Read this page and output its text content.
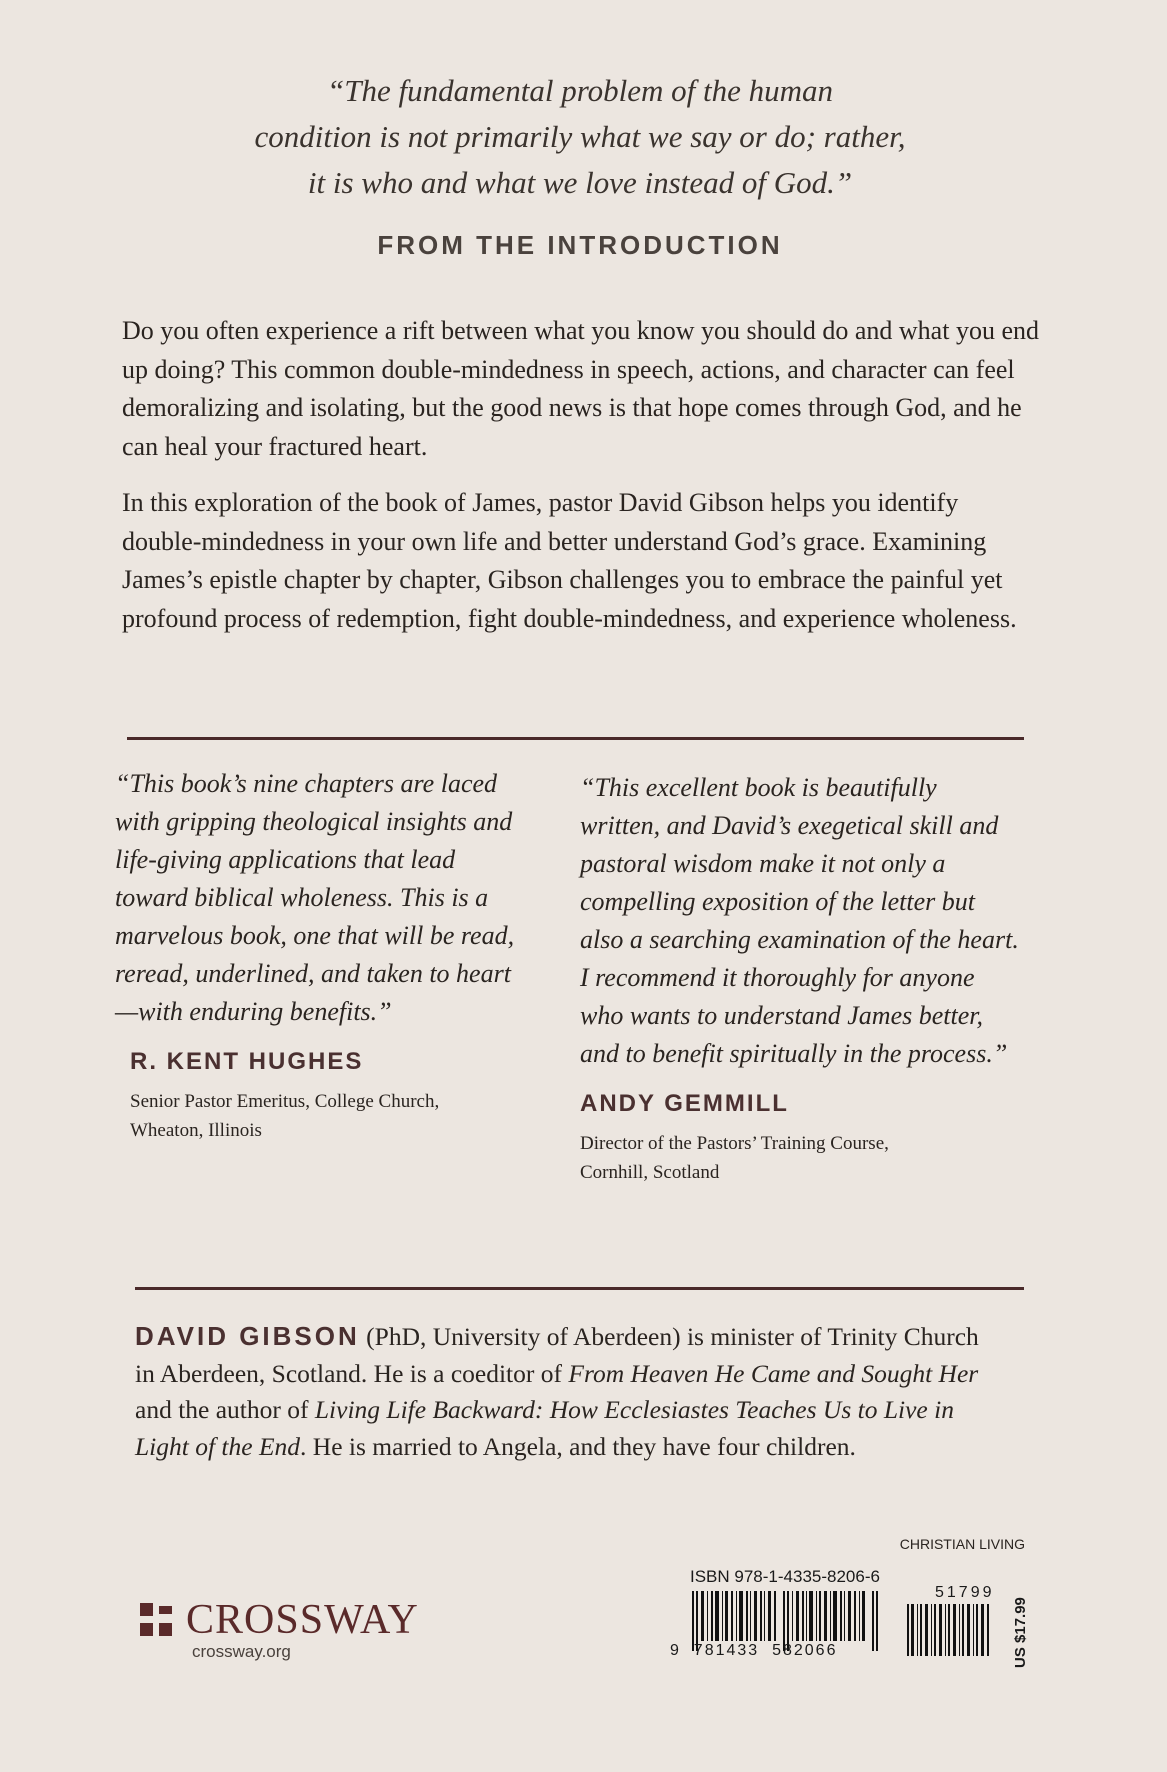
“The fundamental problem of the human
condition is not primarily what we say or do; rather,
it is who and what we love instead of God.”
FROM THE INTRODUCTION

Do you often experience a rift between what you know you should do and what you end up doing? This common double-mindedness in speech, actions, and character can feel demoralizing and isolating, but the good news is that hope comes through God, and he can heal your fractured heart.

In this exploration of the book of James, pastor David Gibson helps you identify double-mindedness in your own life and better understand God’s grace. Examining James’s epistle chapter by chapter, Gibson challenges you to embrace the painful yet profound process of redemption, fight double-mindedness, and experience wholeness.

“This book’s nine chapters are laced with gripping theological insights and life-giving applications that lead toward biblical wholeness. This is a marvelous book, one that will be read, reread, underlined, and taken to heart—with enduring benefits.”
R. KENT HUGHES
Senior Pastor Emeritus, College Church,
Wheaton, Illinois
“This excellent book is beautifully written, and David’s exegetical skill and pastoral wisdom make it not only a compelling exposition of the letter but also a searching examination of the heart. I recommend it thoroughly for anyone who wants to understand James better, and to benefit spiritually in the process.”
ANDY GEMMILL
Director of the Pastors’ Training Course,
Cornhill, Scotland
DAVID GIBSON (PhD, University of Aberdeen) is minister of Trinity Church in Aberdeen, Scotland. He is a coeditor of From Heaven He Came and Sought Her and the author of Living Life Backward: How Ecclesiastes Teaches Us to Live in Light of the End. He is married to Angela, and they have four children.
CHRISTIAN LIVING
CROSSWAY
crossway.org
ISBN 978-1-4335-8206-6
9 781433 582066
51799
US $17.99
